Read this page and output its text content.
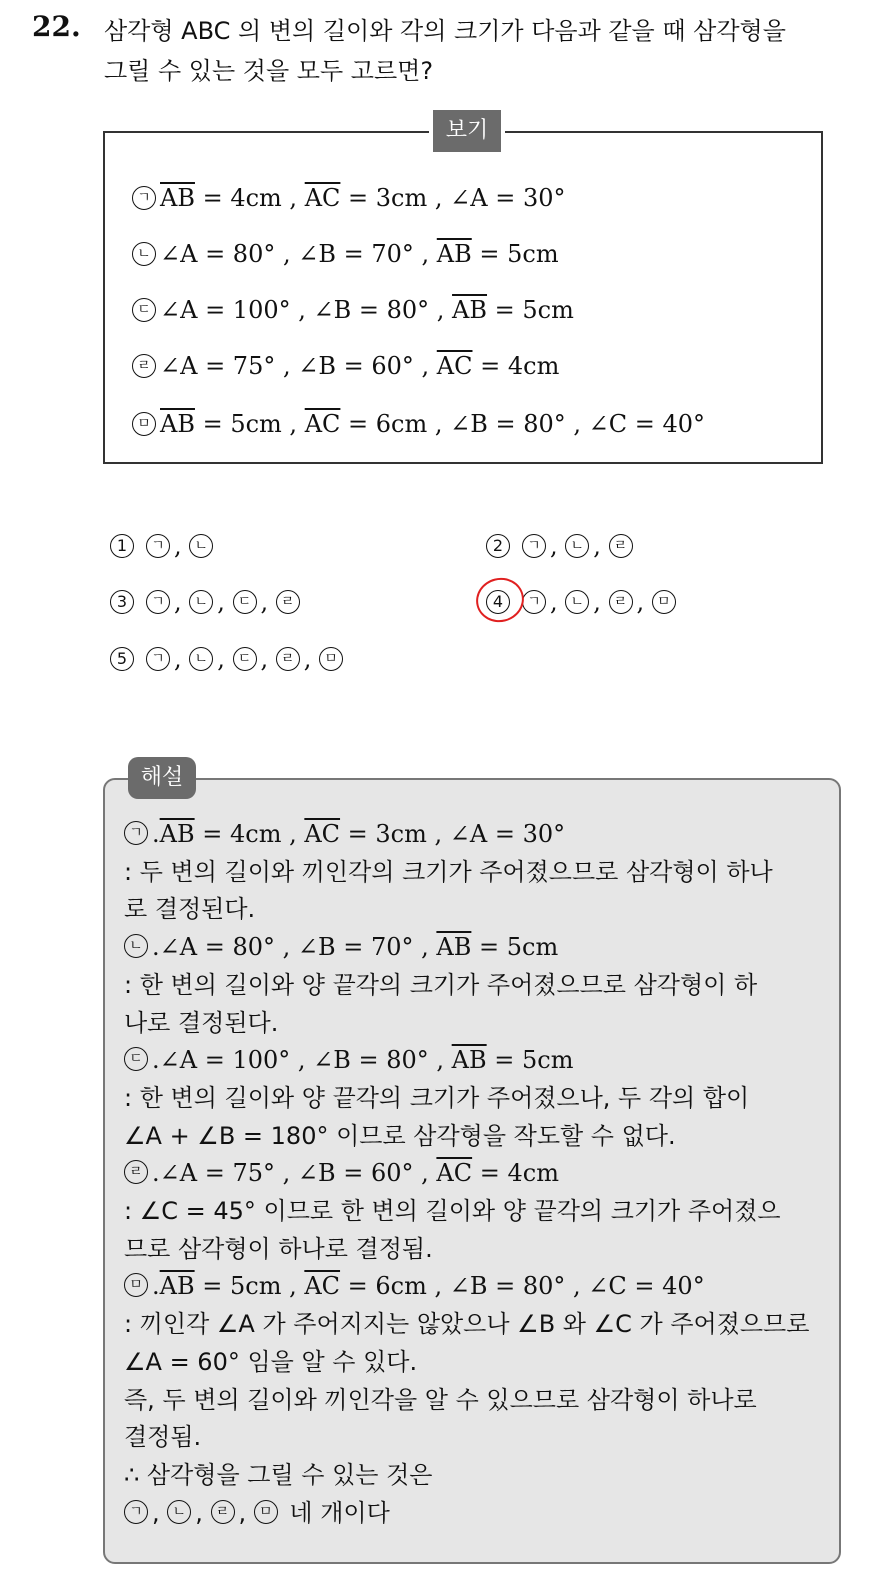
22. 삼각형 ABC 의 변의 길이와 각의 크기가 다음과 같을 때 삼각형을
그릴 수 있는 것을 모두 고르면?
보기
ㄱ $\overline{AB} = 4cm$ , $\overline{AC} = 3cm$ , ∠A = 30°
ㄴ ∠A = 80° , ∠B = 70° , $\overline{AB} = 5cm$
ㄷ ∠A = 100° , ∠B = 80° , $\overline{AB} = 5cm$
ㄹ ∠A = 75° , ∠B = 60° , $\overline{AC} = 4cm$
ㅁ $\overline{AB} = 5cm$ , $\overline{AC} = 6cm$ , ∠B = 80° , ∠C = 40°
1 ㄱ , ㄴ	2 ㄱ , ㄴ , ㄹ
3 ㄱ , ㄴ , ㄷ , ㄹ	4 ㄱ , ㄴ , ㄹ , ㅁ
5 ㄱ , ㄴ , ㄷ , ㄹ , ㅁ
해설
ㄱ $.\overline{AB} = 4cm$ , $\overline{AC} = 3cm$ , ∠A = 30°
: 두 변의 길이와 끼인각의 크기가 주어졌으므로 삼각형이 하나
로 결정된다.
ㄴ .∠A = 80° , ∠B = 70° , $\overline{AB} = 5cm$
: 한 변의 길이와 양 끝각의 크기가 주어졌으므로 삼각형이 하
나로 결정된다.
ㄷ .∠A = 100° , ∠B = 80° , $\overline{AB} = 5cm$
: 한 변의 길이와 양 끝각의 크기가 주어졌으나, 두 각의 합이
∠A + ∠B = 180° 이므로 삼각형을 작도할 수 없다.
ㄹ .∠A = 75° , ∠B = 60° , $\overline{AC} = 4cm$
: ∠C = 45° 이므로 한 변의 길이와 양 끝각의 크기가 주어졌으
므로 삼각형이 하나로 결정됨.
ㅁ $.\overline{AB} = 5cm$ , $\overline{AC} = 6cm$ , ∠B = 80° , ∠C = 40°
: 끼인각 ∠A 가 주어지지는 않았으나 ∠B 와 ∠C 가 주어졌으므로
∠A = 60° 임을 알 수 있다.
즉, 두 변의 길이와 끼인각을 알 수 있으므로 삼각형이 하나로
결정됨.
∴ 삼각형을 그릴 수 있는 것은
ㄱ , ㄴ , ㄹ , ㅁ 네 개이다
